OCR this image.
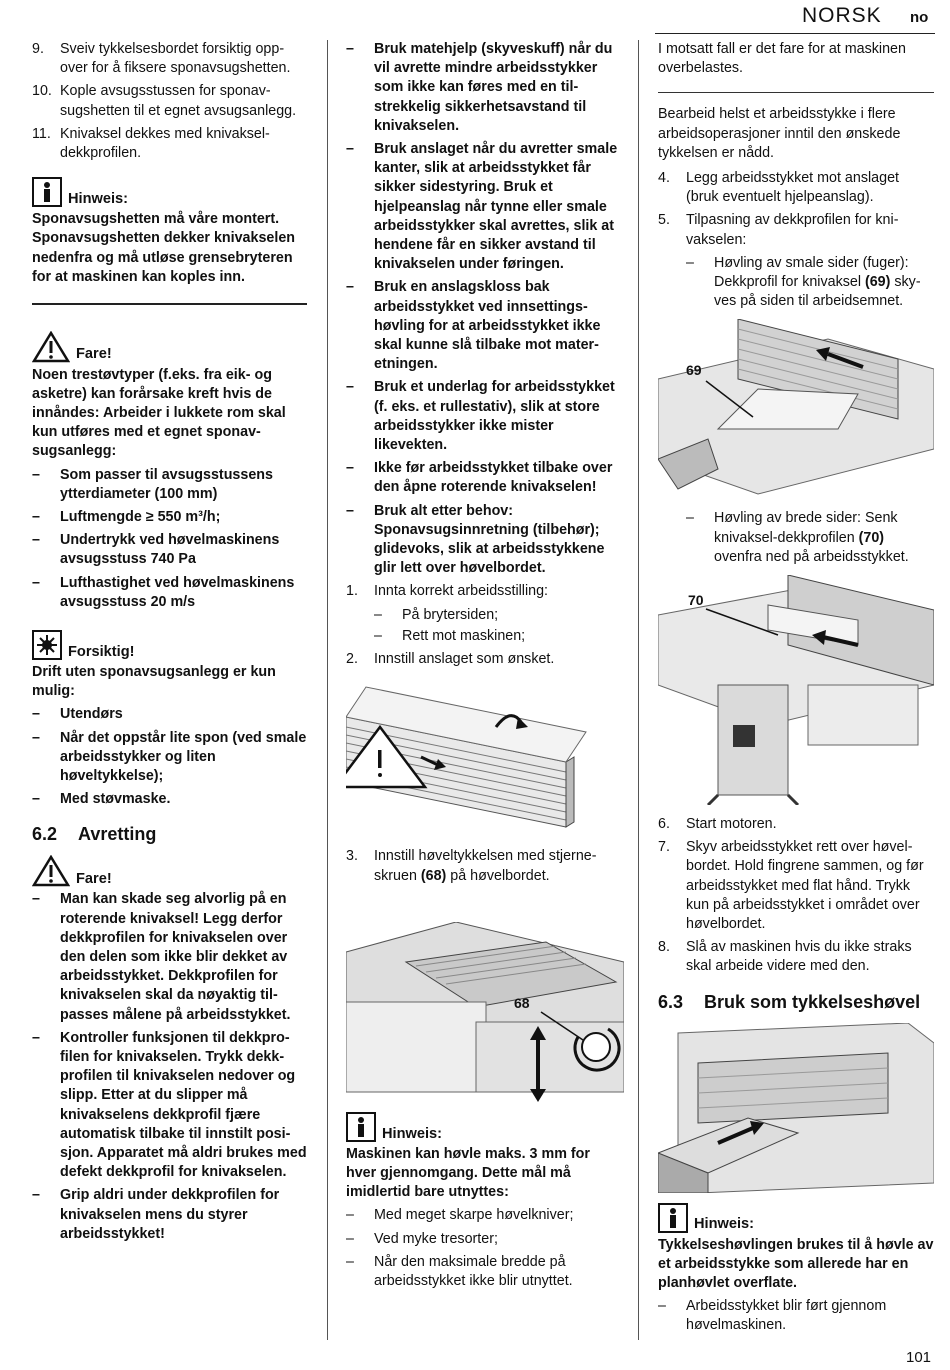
NORSK no
9. Sveiv tykkelsesbordet forsiktig oppover for å fiksere sponavsugshetten.
10. Kople avsugsstussen for sponavsugshetten til et egnet avsugsanlegg.
11. Knivaksel dekkes med knivakseldekkprofilen.
Hinweis:

Sponavsugshetten må våre montert. Sponavsugshetten dekker knivakselen nedenfra og må utløse grensebryteren for at maskinen kan koples inn.

Fare!

Noen trestøvtyper (f.eks. fra eik- og asketre) kan forårsake kreft hvis de innåndes: Arbeider i lukkete rom skal kun utføres med et egnet sponavsugsanlegg:

– Som passer til avsugsstussens ytterdiameter (100 mm)
– Luftmengde ≥ 550 m³/h;
– Undertrykk ved høvelmaskinens avsugsstuss 740 Pa
– Lufthastighet ved høvelmaskinens avsugsstuss 20 m/s
Forsiktig!

Drift uten sponavsugsanlegg er kun mulig:

– Utendørs
– Når det oppstår lite spon (ved smale arbeidsstykker og liten høveltykkelse);
– Med støvmaske.
6.2 Avretting
Fare!
– Man kan skade seg alvorlig på en roterende knivaksel! Legg derfor dekkprofilen for knivakselen over den delen som ikke blir dekket av arbeidsstykket. Dekkprofilen for knivakselen skal da nøyaktig tilpasses målene på arbeidsstykket.
– Kontroller funksjonen til dekkprofilen for knivakselen. Trykk dekkprofilen til knivakselen nedover og slipp. Etter at du slipper må knivakselens dekkprofil fjære automatisk tilbake til innstilt posisjon. Apparatet må aldri brukes med defekt dekkprofil for knivakselen.
– Grip aldri under dekkprofilen for knivakselen mens du styrer arbeidsstykket!
– Bruk matehjelp (skyveskuff) når du vil avrette mindre arbeidsstykker som ikke kan føres med en tilstrekkelig sikkerhetsavstand til knivakselen.
– Bruk anslaget når du avretter smale kanter, slik at arbeidsstykket får sikker sidestyring. Bruk et hjelpeanslag når tynne eller smale arbeidsstykker skal avrettes, slik at hendene får en sikker avstand til knivakselen under føringen.
– Bruk en anslagskloss bak arbeidsstykket ved innsettingshøvling for at arbeidsstykket ikke skal kunne slå tilbake mot materetningen.
– Bruk et underlag for arbeidsstykket (f. eks. et rullestativ), slik at store arbeidsstykker ikke mister likevekten.
– Ikke før arbeidsstykket tilbake over den åpne roterende knivakselen!
– Bruk alt etter behov: Sponavsugsinnretning (tilbehør); glidevoks, slik at arbeidsstykkene glir lett over høvelbordet.
1. Innta korrekt arbeidsstilling:
– På brytersiden;
– Rett mot maskinen;
2. Innstill anslaget som ønsket.
3. Innstill høveltykkelsen med stjerneskruen (68) på høvelbordet.
68
Hinweis:

Maskinen kan høvle maks. 3 mm for hver gjennomgang. Dette mål må imidlertid bare utnyttes:

– Med meget skarpe høvelkniver;
– Ved myke tresorter;
– Når den maksimale bredde på arbeidsstykket ikke blir utnyttet.

I motsatt fall er det fare for at maskinen overbelastes.

Bearbeid helst et arbeidsstykke i flere arbeidsoperasjoner inntil den ønskede tykkelsen er nådd.

4. Legg arbeidsstykket mot anslaget (bruk eventuelt hjelpeanslag).
5. Tilpasning av dekkprofilen for knivakselen:
– Høvling av smale sider (fuger): Dekkprofil for knivaksel (69) skyves på siden til arbeidsemnet.
69
– Høvling av brede sider: Senk knivaksel-dekkprofilen (70) ovenfra ned på arbeidsstykket.
70
6. Start motoren.
7. Skyv arbeidsstykket rett over høvelbordet. Hold fingrene sammen, og før arbeidsstykket med flat hånd. Trykk kun på arbeidsstykket i området over høvelbordet.
8. Slå av maskinen hvis du ikke straks skal arbeide videre med den.
6.3 Bruk som tykkelseshøvel
Hinweis:

Tykkelseshøvlingen brukes til å høvle av et arbeidsstykke som allerede har en planhøvlet overflate.

– Arbeidsstykket blir ført gjennom høvelmaskinen.
101
